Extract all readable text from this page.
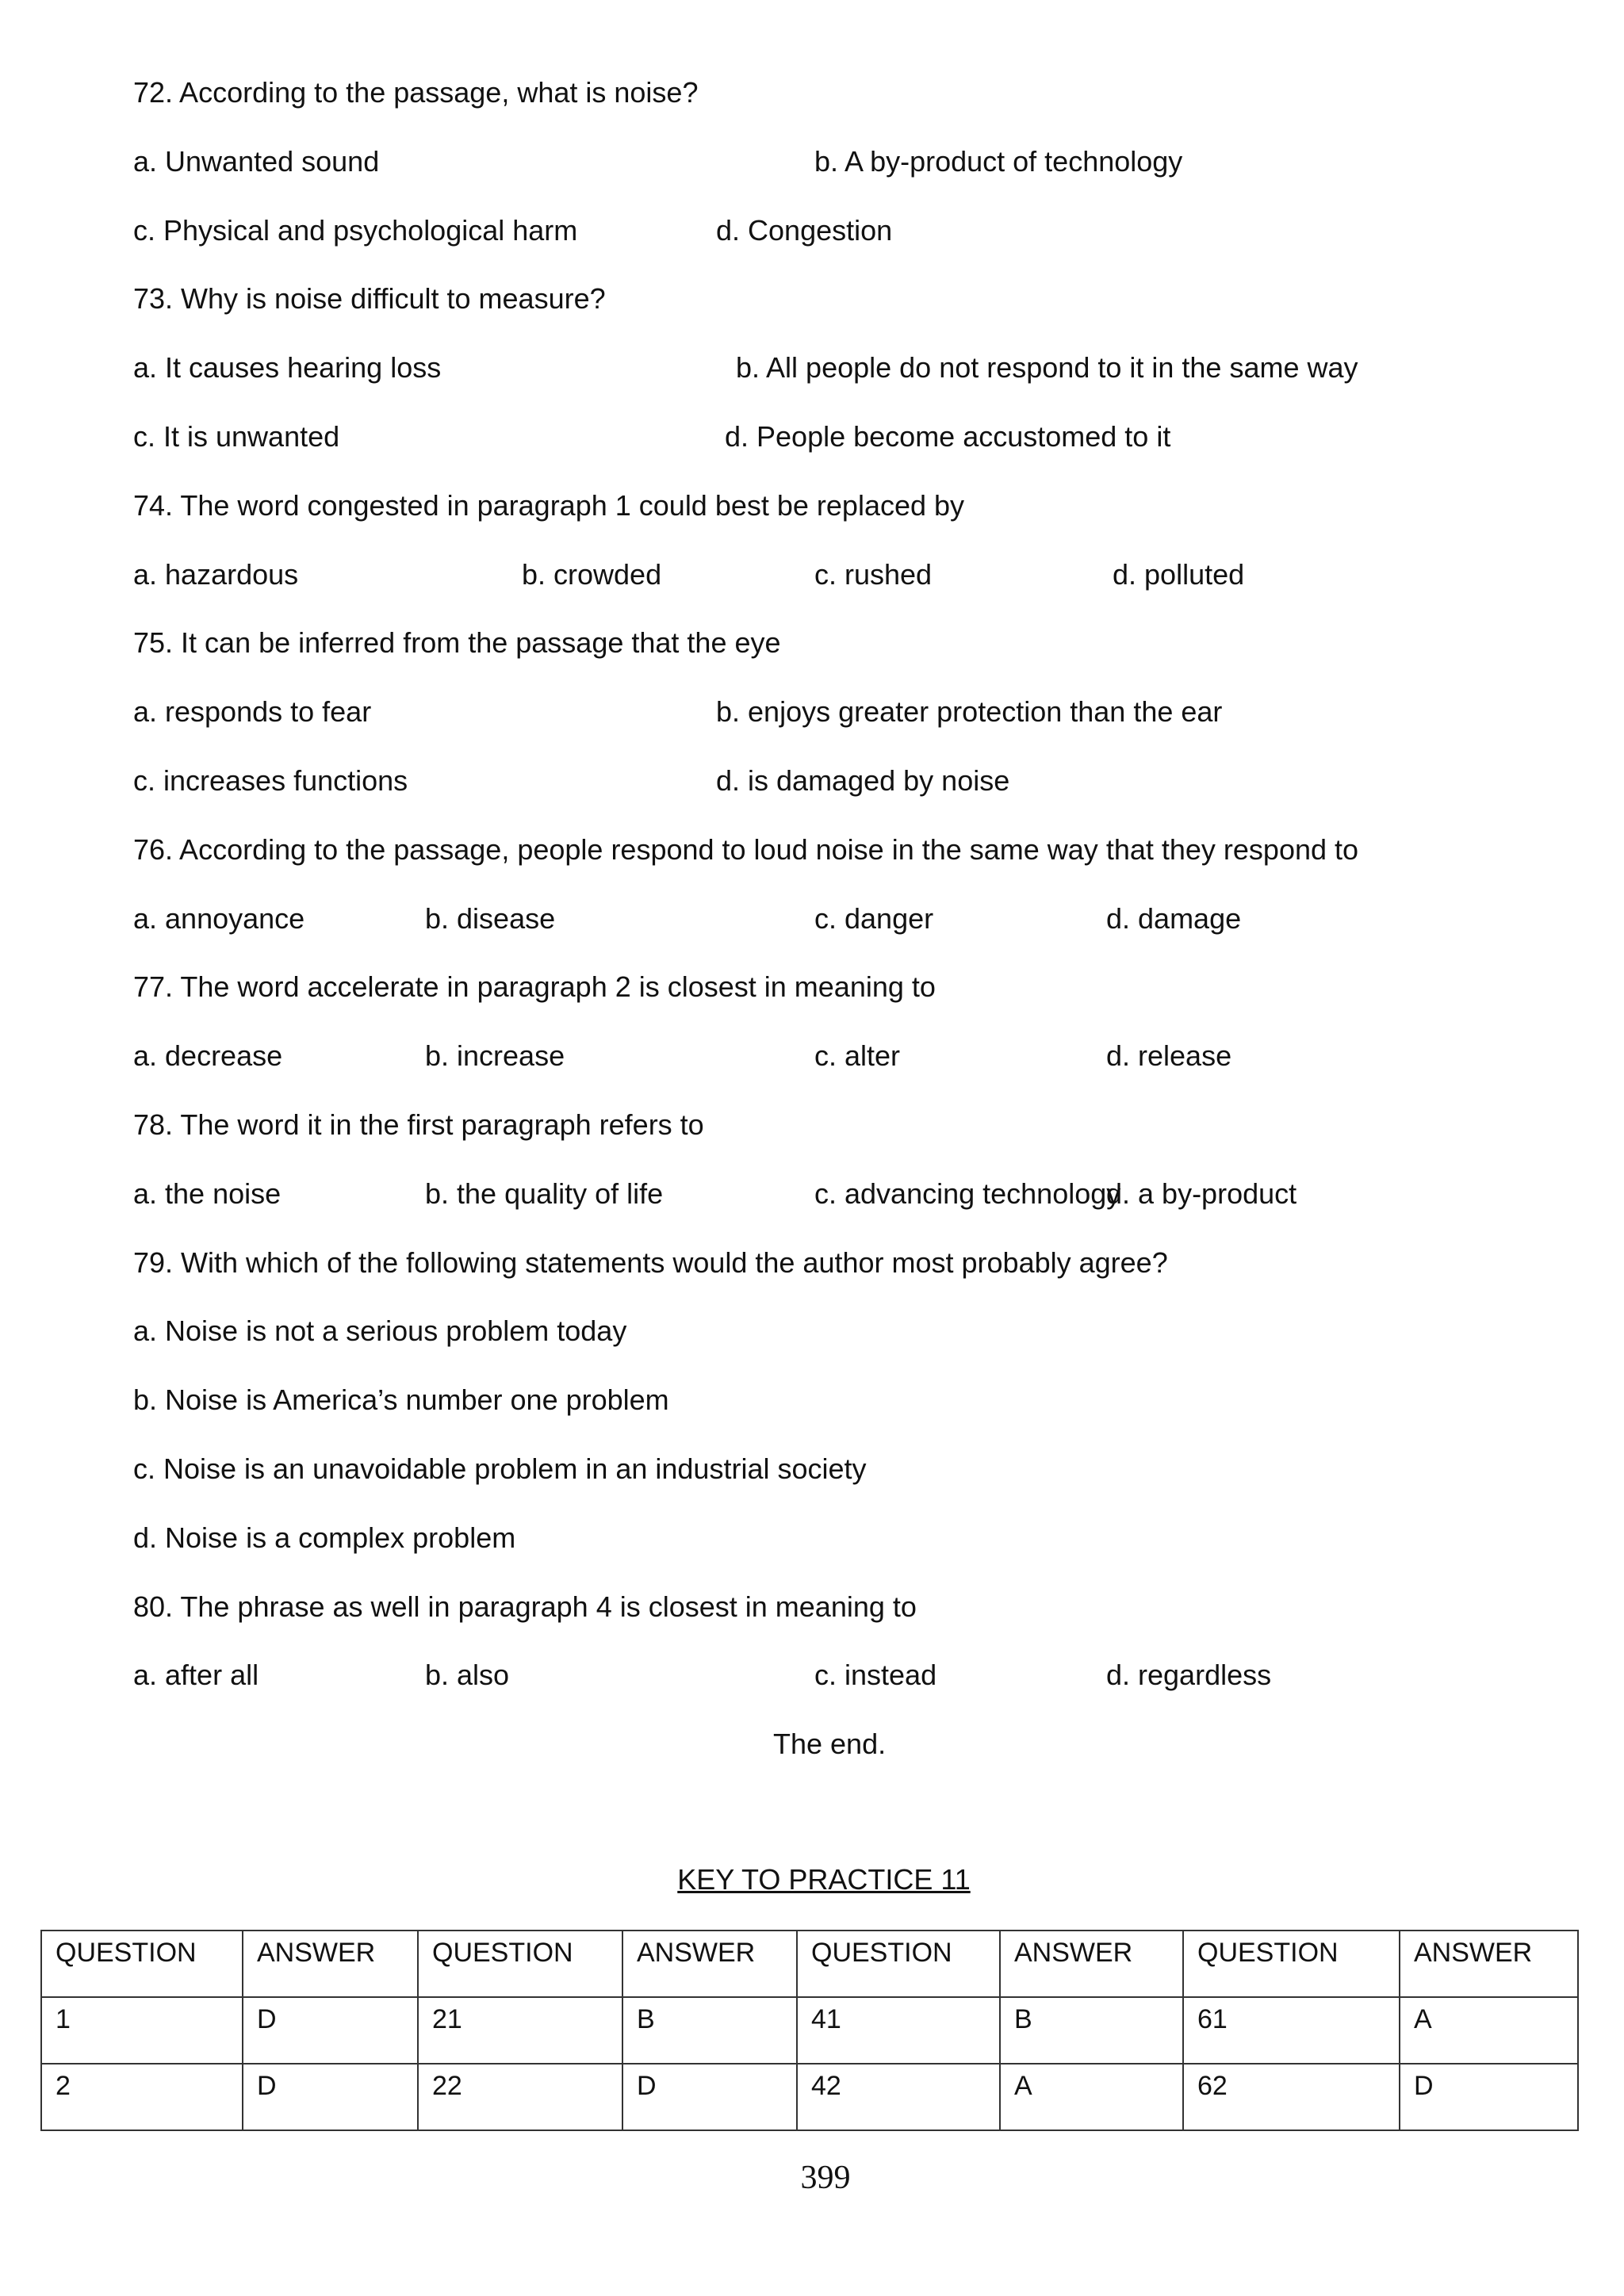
72. According to the passage, what is noise?
a. Unwanted sound	b. A by-product of technology
c. Physical and psychological harm	d. Congestion
73. Why is noise difficult to measure?
a. It causes hearing loss	b. All people do not respond to it in the same way
c. It is unwanted	d. People become accustomed to it
74. The word congested in paragraph 1 could best be replaced by
a. hazardous	b. crowded	c. rushed	d. polluted
75. It can be inferred from the passage that the eye
a. responds to fear	b. enjoys greater protection than the ear
c. increases functions	d. is damaged by noise
76. According to the passage, people respond to loud noise in the same way that they respond to
a. annoyance	b. disease	c. danger	d. damage
77. The word accelerate in paragraph 2 is closest in meaning to
a. decrease	b. increase	c. alter	d. release
78. The word it in the first paragraph refers to
a. the noise	b. the quality of life	c. advancing technology
d. a by-product
79. With which of the following statements would the author most probably agree?
a. Noise is not a serious problem today
b. Noise is America’s number one problem
c. Noise is an unavoidable problem in an industrial society
d. Noise is a complex problem
80. The phrase as well in paragraph 4 is closest in meaning to
a. after all	b. also	c. instead	d. regardless
The end.
KEY TO PRACTICE 11
QUESTION	ANSWER	QUESTION	ANSWER	QUESTION	ANSWER	QUESTION	ANSWER
1	D	21	B	41	B	61	A
2	D	22	D	42	A	62	D
399
